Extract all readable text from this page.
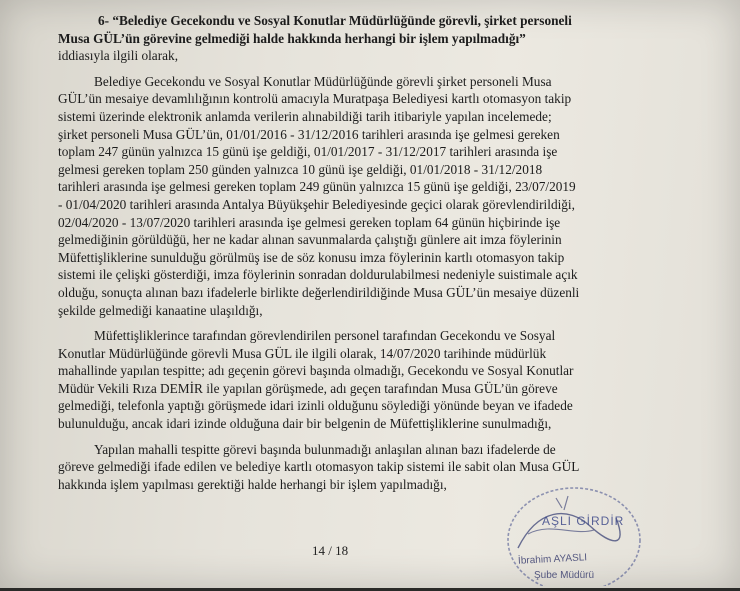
6- “Belediye Gecekondu ve Sosyal Konutlar Müdürlüğünde görevli, şirket personeli
Musa GÜL’ün görevine gelmediği halde hakkında herhangi bir işlem yapılmadığı”
iddiasıyla ilgili olarak,
Belediye Gecekondu ve Sosyal Konutlar Müdürlüğünde görevli şirket personeli Musa
GÜL’ün mesaiye devamlılığının kontrolü amacıyla Muratpaşa Belediyesi kartlı otomasyon takip
sistemi üzerinde elektronik anlamda verilerin alınabildiği tarih itibariyle yapılan incelemede;
şirket personeli Musa GÜL’ün, 01/01/2016 - 31/12/2016 tarihleri arasında işe gelmesi gereken
toplam 247 günün yalnızca 15 günü işe geldiği, 01/01/2017 - 31/12/2017 tarihleri arasında işe
gelmesi gereken toplam 250 günden yalnızca 10 günü işe geldiği, 01/01/2018 - 31/12/2018
tarihleri arasında işe gelmesi gereken toplam 249 günün yalnızca 15 günü işe geldiği, 23/07/2019
- 01/04/2020 tarihleri arasında Antalya Büyükşehir Belediyesinde geçici olarak görevlendirildiği,
02/04/2020 - 13/07/2020 tarihleri arasında işe gelmesi gereken toplam 64 günün hiçbirinde işe
gelmediğinin görüldüğü, her ne kadar alınan savunmalarda çalıştığı günlere ait imza föylerinin
Müfettişliklerine sunulduğu görülmüş ise de söz konusu imza föylerinin kartlı otomasyon takip
sistemi ile çelişki gösterdiği, imza föylerinin sonradan doldurulabilmesi nedeniyle suistimale açık
olduğu, sonuçta alınan bazı ifadelerle birlikte değerlendirildiğinde Musa GÜL’ün mesaiye düzenli
şekilde gelmediği kanaatine ulaşıldığı,
Müfettişliklerince tarafından görevlendirilen personel tarafından Gecekondu ve Sosyal
Konutlar Müdürlüğünde görevli Musa GÜL ile ilgili olarak, 14/07/2020 tarihinde müdürlük
mahallinde yapılan tespitte; adı geçenin görevi başında olmadığı, Gecekondu ve Sosyal Konutlar
Müdür Vekili Rıza DEMİR ile yapılan görüşmede, adı geçen tarafından Musa GÜL’ün göreve
gelmediği, telefonla yaptığı görüşmede idari izinli olduğunu söylediği yönünde beyan ve ifadede
bulunulduğu, ancak idari izinde olduğuna dair bir belgenin de Müfettişliklerine sunulmadığı,
Yapılan mahalli tespitte görevi başında bulunmadığı anlaşılan alınan bazı ifadelerde de
göreve gelmediği ifade edilen ve belediye kartlı otomasyon takip sistemi ile sabit olan Musa GÜL
hakkında işlem yapılması gerektiği halde herhangi bir işlem yapılmadığı,
14 / 18
AŞLI GİRDİR
İbrahim AYASLI
Şube Müdürü
